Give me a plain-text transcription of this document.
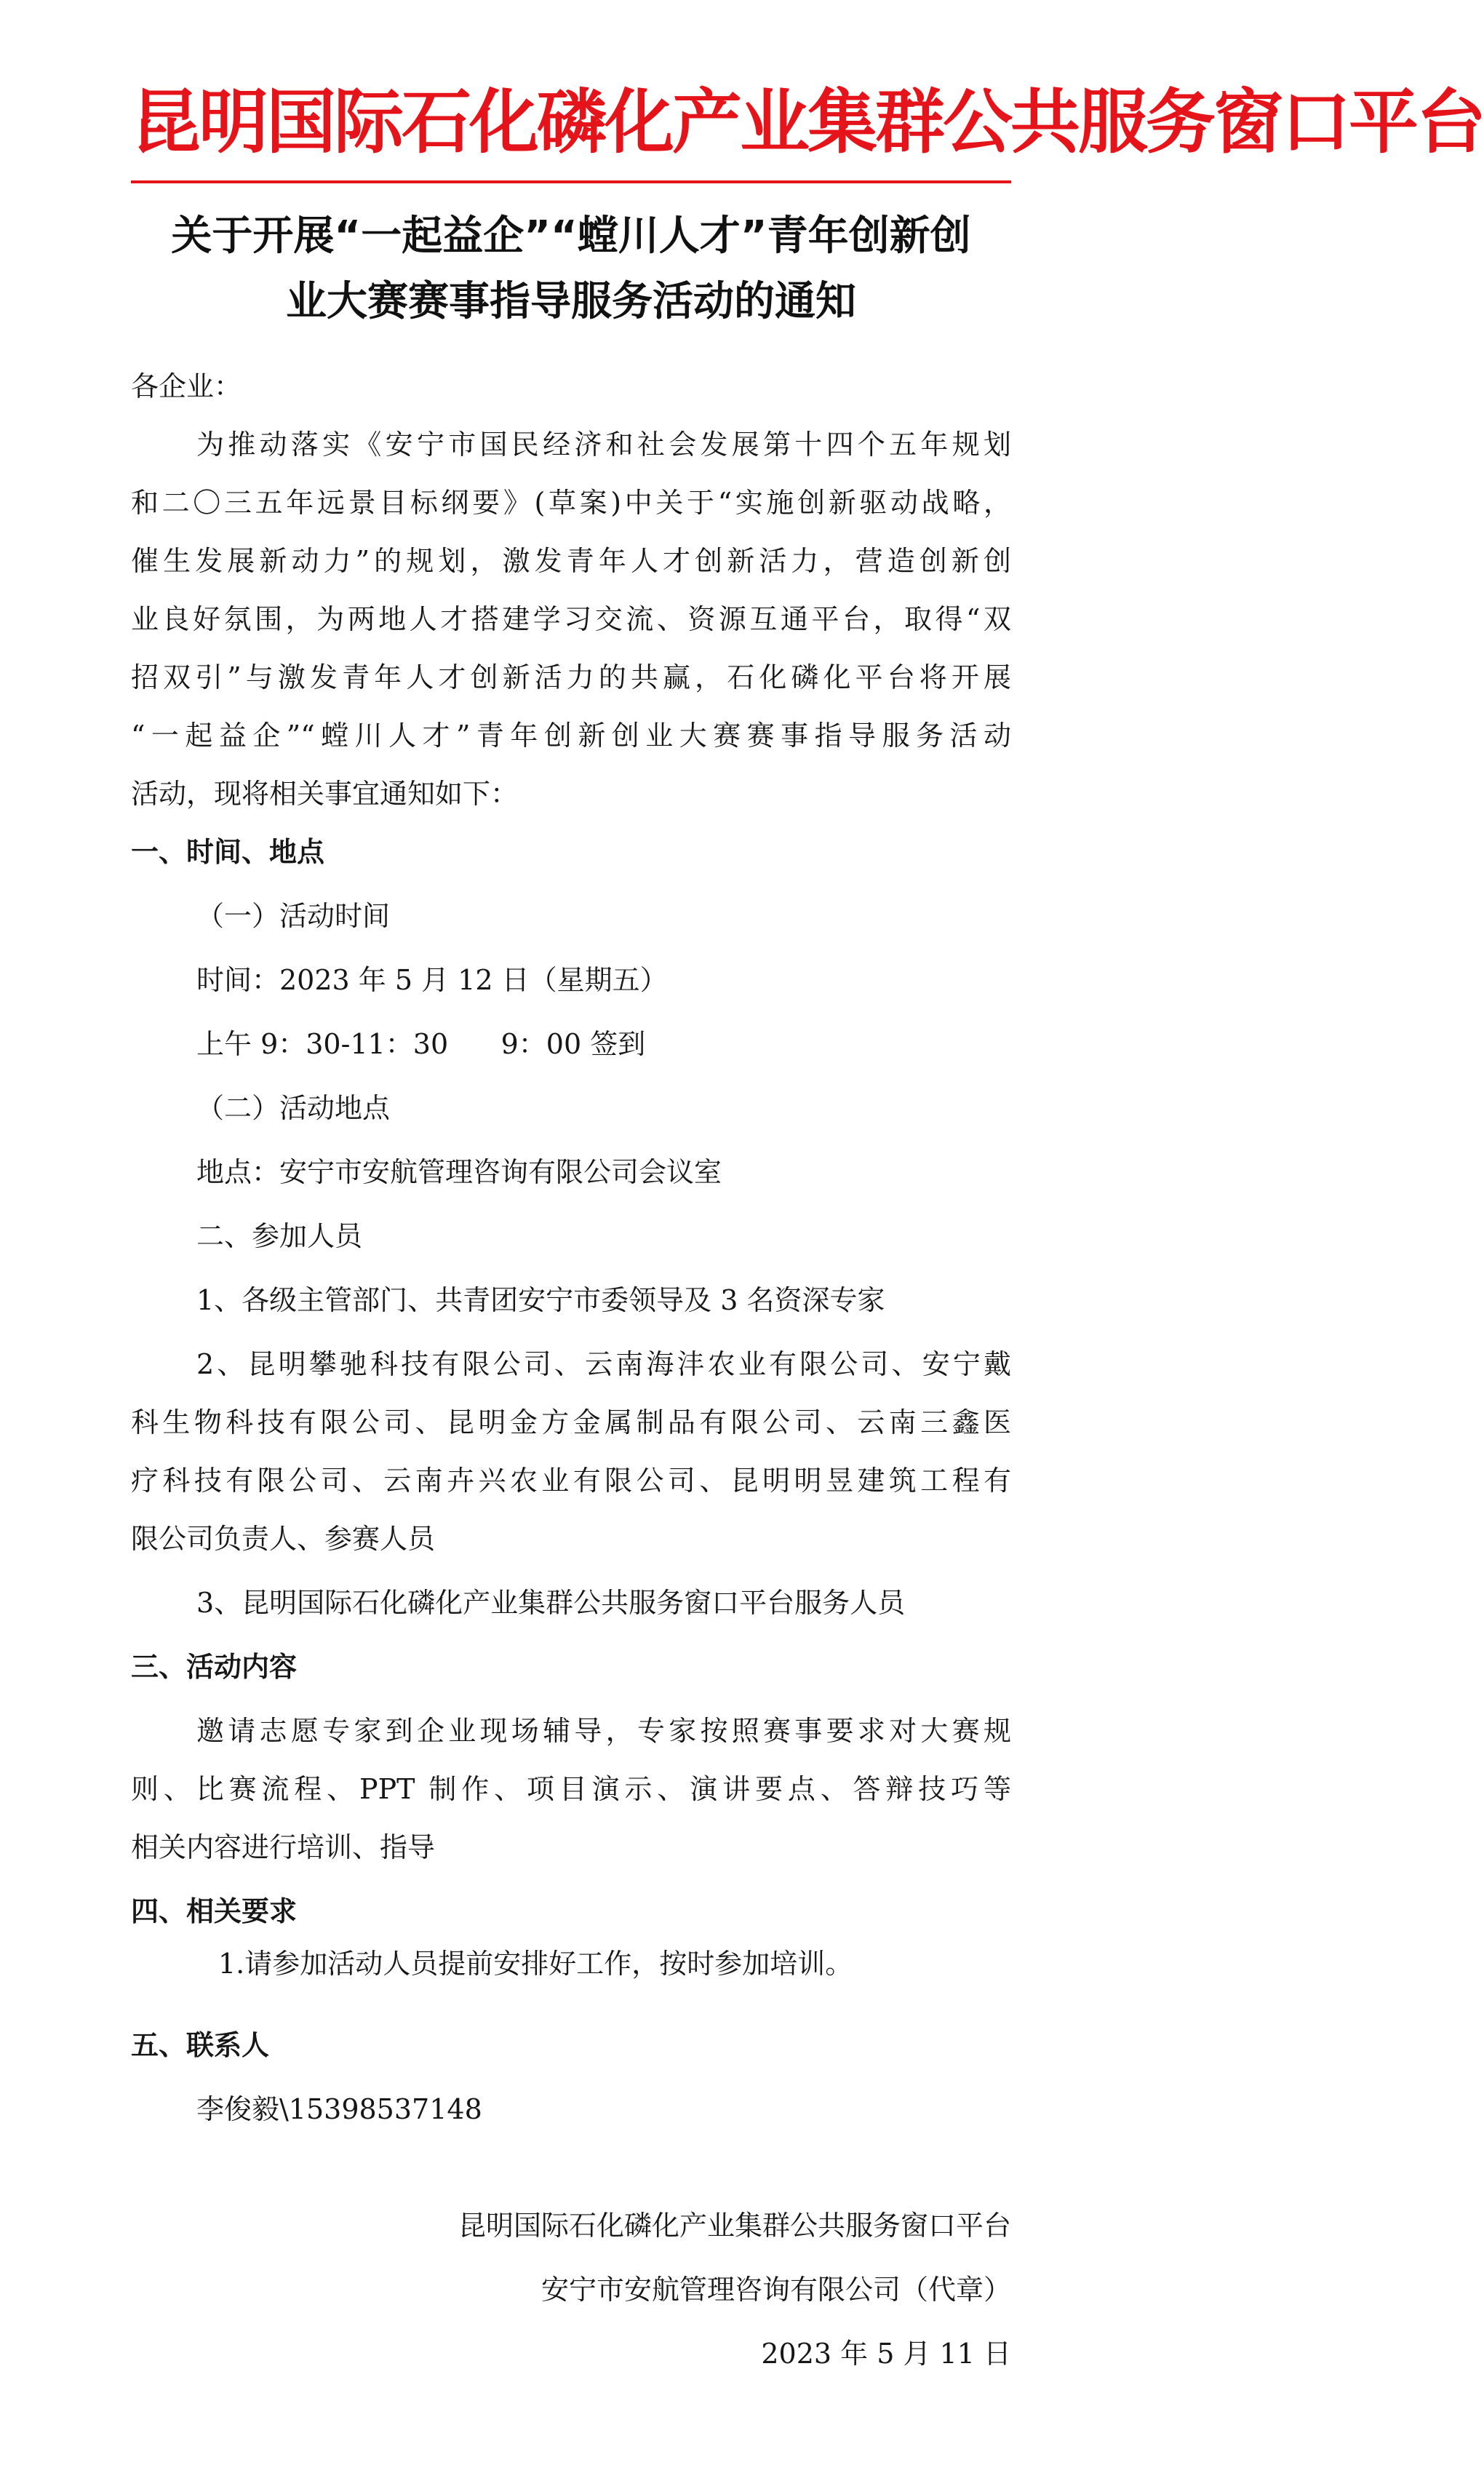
昆明国际石化磷化产业集群公共服务窗口平台
关于开展“一起益企”“螳川人才”青年创新创
业大赛赛事指导服务活动的通知
各企业：
为推动落实《安宁市国民经济和社会发展第十四个五年规划
和二〇三五年远景目标纲要》(草案)中关于“实施创新驱动战略，
催生发展新动力”的规划，激发青年人才创新活力，营造创新创
业良好氛围，为两地人才搭建学习交流、资源互通平台，取得“双
招双引”与激发青年人才创新活力的共赢，石化磷化平台将开展
“一起益企”“螳川人才”青年创新创业大赛赛事指导服务活动
活动，现将相关事宜通知如下：
一、时间、地点
（一）活动时间
时间：2023 年 5 月 12 日（星期五）
上午 9：30-11：30      9：00 签到
（二）活动地点
地点：安宁市安航管理咨询有限公司会议室
二、参加人员
1、各级主管部门、共青团安宁市委领导及 3 名资深专家
2、昆明攀驰科技有限公司、云南海沣农业有限公司、安宁戴
科生物科技有限公司、昆明金方金属制品有限公司、云南三鑫医
疗科技有限公司、云南卉兴农业有限公司、昆明明昱建筑工程有
限公司负责人、参赛人员
3、昆明国际石化磷化产业集群公共服务窗口平台服务人员
三、活动内容
邀请志愿专家到企业现场辅导，专家按照赛事要求对大赛规
则、比赛流程、PPT 制作、项目演示、演讲要点、答辩技巧等
相关内容进行培训、指导
四、相关要求
1.请参加活动人员提前安排好工作，按时参加培训。
五、联系人
李俊毅\15398537148
昆明国际石化磷化产业集群公共服务窗口平台
安宁市安航管理咨询有限公司（代章）
2023 年 5 月 11 日
